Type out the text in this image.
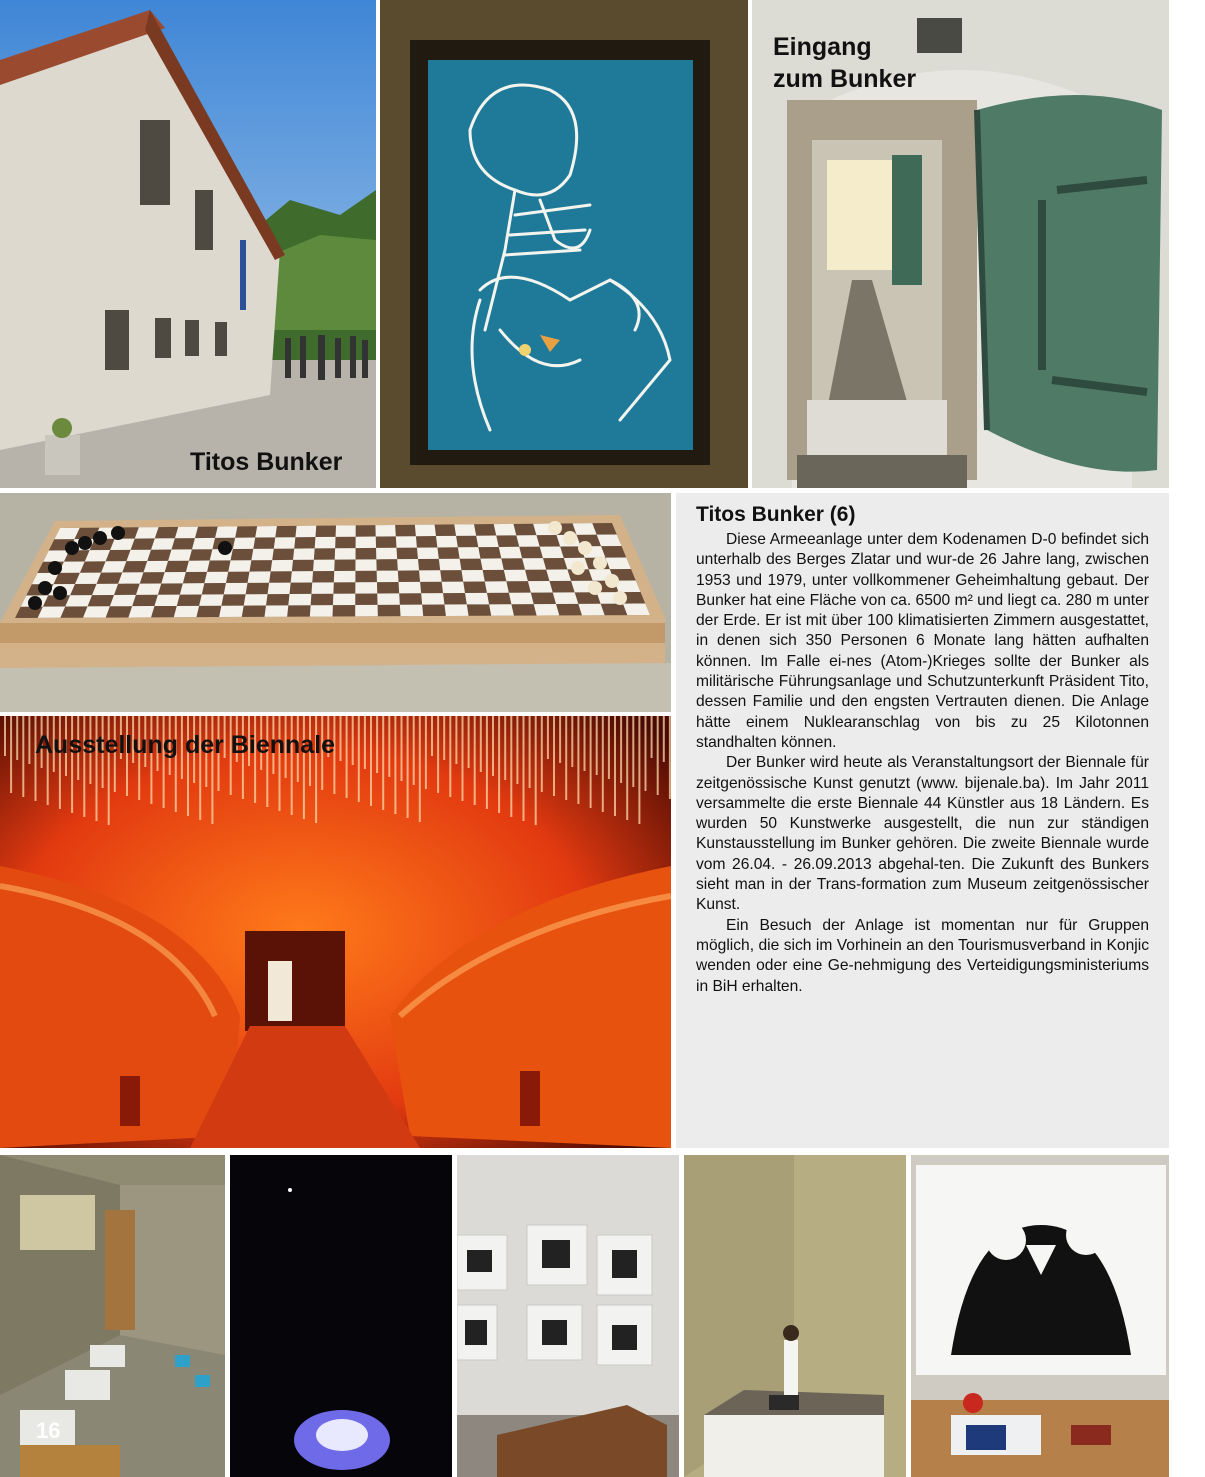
Titos Bunker
Eingang
zum Bunker
Ausstellung der Biennale
Titos Bunker (6)

Diese Armeeanlage unter dem Kodenamen D-0 befindet sich unterhalb des Berges Zlatar und wur-de 26 Jahre lang, zwischen 1953 und 1979, unter vollkommener Geheimhaltung gebaut. Der Bunker hat eine Fläche von ca. 6500 m² und liegt ca. 280 m unter der Erde. Er ist mit über 100 klimatisierten Zimmern ausgestattet, in denen sich 350 Personen 6 Monate lang hätten aufhalten können. Im Falle ei-nes (Atom-)Krieges sollte der Bunker als militärische Führungsanlage und Schutzunterkunft Präsident Tito, dessen Familie und den engsten Vertrauten dienen. Die Anlage hätte einem Nuklearanschlag von bis zu 25 Kilotonnen standhalten können.

Der Bunker wird heute als Veranstaltungsort der Biennale für zeitgenössische Kunst genutzt (www. bijenale.ba). Im Jahr 2011 versammelte die erste Biennale 44 Künstler aus 18 Ländern. Es wurden 50 Kunstwerke ausgestellt, die nun zur ständigen Kunstausstellung im Bunker gehören. Die zweite Biennale wurde vom 26.04. - 26.09.2013 abgehal-ten. Die Zukunft des Bunkers sieht man in der Trans-formation zum Museum zeitgenössischer Kunst.

Ein Besuch der Anlage ist momentan nur für Gruppen möglich, die sich im Vorhinein an den Tourismusverband in Konjic wenden oder eine Ge-nehmigung des Verteidigungsministeriums in BiH erhalten.

16
